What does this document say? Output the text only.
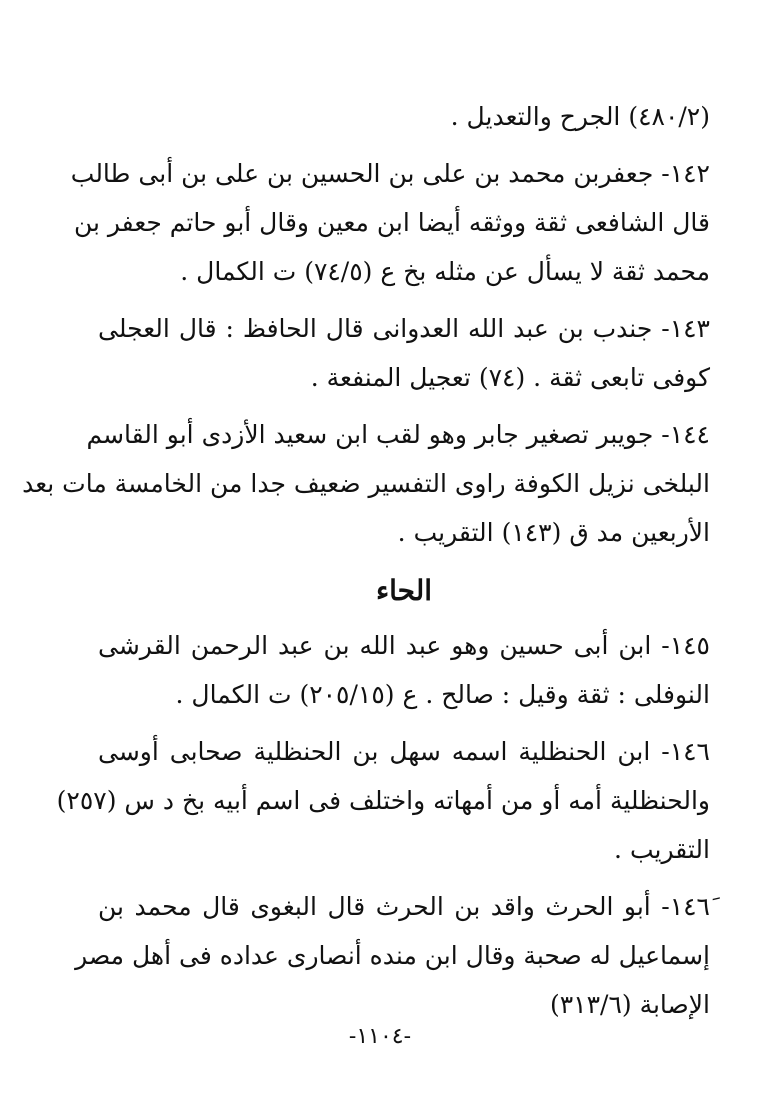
(٤٨٠/٢) الجرح والتعديل .
١٤٢- جعفربن محمد بن على بن الحسين بن على بن أبى طالب
قال الشافعى ثقة ووثقه أيضا ابن معين وقال أبو حاتم جعفر بن
محمد ثقة لا يسأل عن مثله بخ ع (٧٤/٥) ت الكمال .
١٤٣- جندب بن عبد الله العدوانى قال الحافظ : قال العجلى
كوفى تابعى ثقة . (٧٤) تعجيل المنفعة .
١٤٤- جويبر تصغير جابر وهو لقب ابن سعيد الأزدى أبو القاسم
البلخى نزيل الكوفة راوى التفسير ضعيف جدا من الخامسة مات بعد
الأربعين مد ق (١٤٣) التقريب .
الحاء
١٤٥- ابن أبى حسين وهو عبد الله بن عبد الرحمن القرشى
النوفلى : ثقة وقيل : صالح . ع (٢٠٥/١٥) ت الكمال .
١٤٦- ابن الحنظلية اسمه سهل بن الحنظلية صحابى أوسى
والحنظلية أمه أو من أمهاته واختلف فى اسم أبيه بخ د س (٢٥٧)
التقريب .
١٤٦َ- أبو الحرث واقد بن الحرث قال البغوى قال محمد بن
إسماعيل له صحبة وقال ابن منده أنصارى عداده فى أهل مصر
الإصابة (٣١٣/٦)
-١١٠٤-
